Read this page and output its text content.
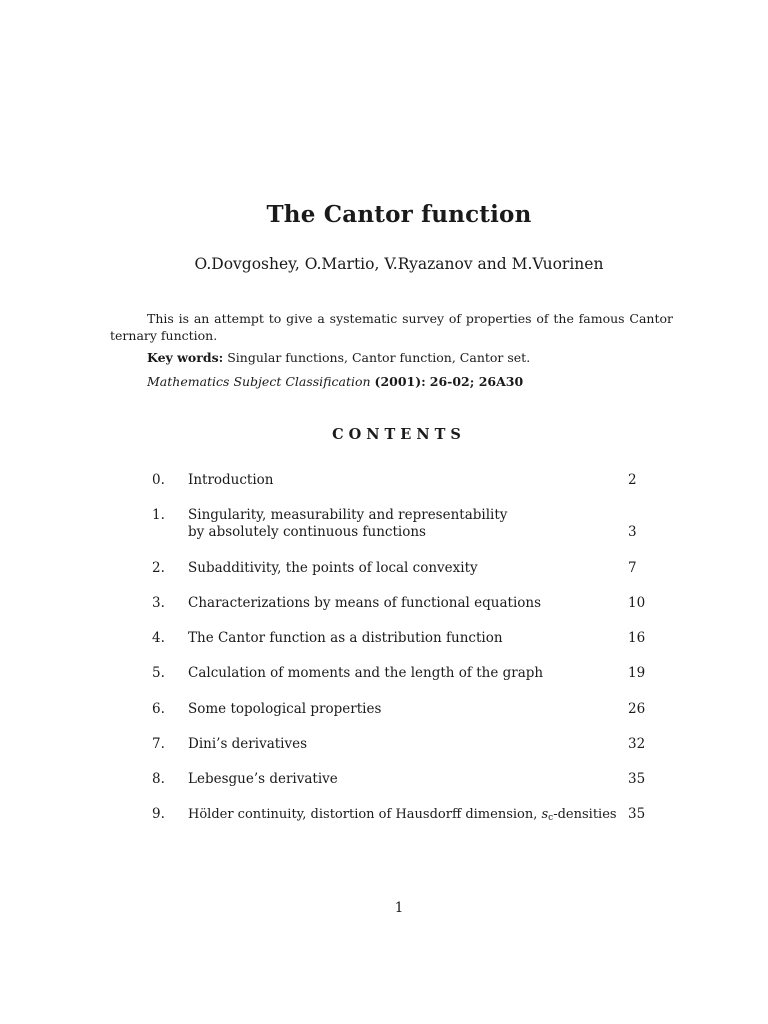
The Cantor function
O.Dovgoshey, O.Martio, V.Ryazanov and M.Vuorinen

This is an attempt to give a systematic survey of properties of the famous Cantor ternary function.

Key words: Singular functions, Cantor function, Cantor set.
Mathematics Subject Classification (2001): 26-02; 26A30
CONTENTS
0. Introduction	2
1. Singularity, measurability and representability
by absolutely continuous functions	3
2. Subadditivity, the points of local convexity	7
3. Characterizations by means of functional equations	10
4. The Cantor function as a distribution function	16
5. Calculation of moments and the length of the graph	19
6. Some topological properties	26
7. Dini’s derivatives	32
8. Lebesgue’s derivative	35
9. Hölder continuity, distortion of Hausdorff dimension, $s_c$-densities 35
1
